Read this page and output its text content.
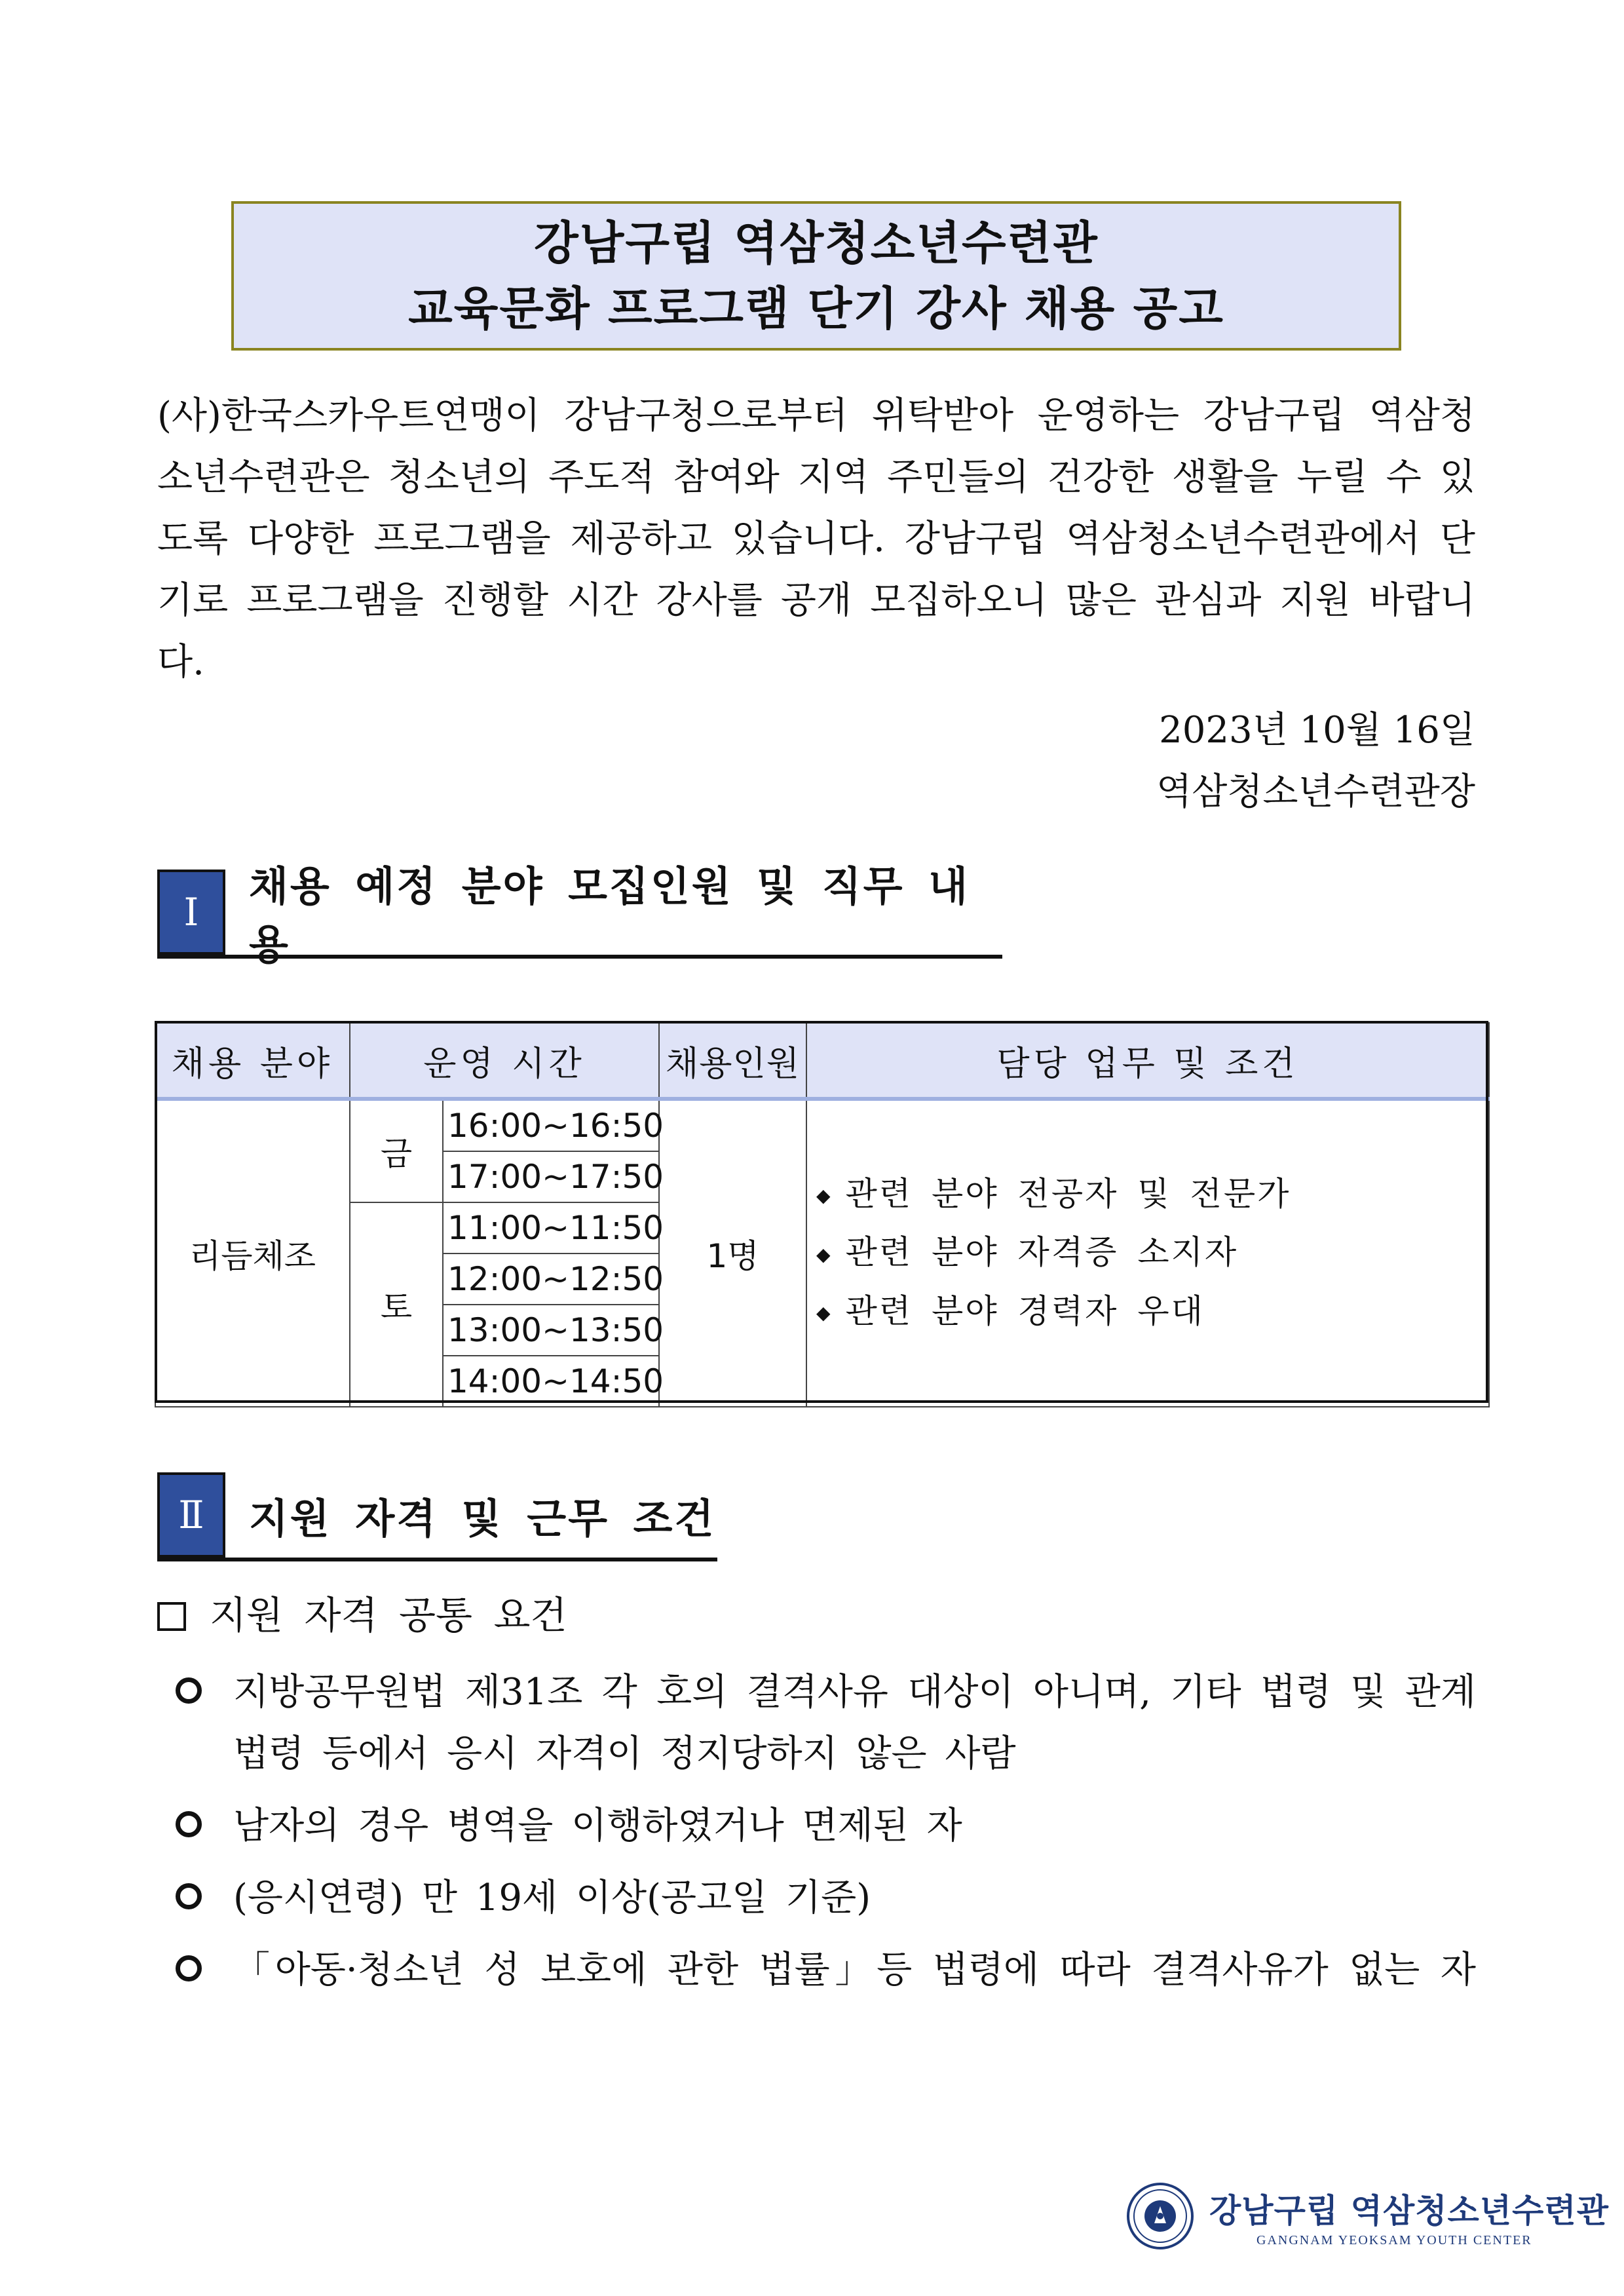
강남구립 역삼청소년수련관
교육문화 프로그램 단기 강사 채용 공고
(사)한국스카우트연맹이 강남구청으로부터 위탁받아 운영하는 강남구립 역삼청소년수련관은 청소년의 주도적 참여와 지역 주민들의 건강한 생활을 누릴 수 있도록 다양한 프로그램을 제공하고 있습니다. 강남구립 역삼청소년수련관에서 단기로 프로그램을 진행할 시간 강사를 공개 모집하오니 많은 관심과 지원 바랍니다.
2023년 10월 16일
역삼청소년수련관장
Ⅰ
채용 예정 분야 모집인원 및 직무 내용
채용 분야	운영 시간		채용인원	담당 업무 및 조건
리듬체조	금	16:00~16:50	1명	◆ 관련 분야 전공자 및 전문가
◆ 관련 분야 자격증 소지자
◆ 관련 분야 경력자 우대

		17:00~17:50		
	토	11:00~11:50		
		12:00~12:50		
		13:00~13:50		
		14:00~14:50		
Ⅱ	지원 자격 및 근무 조건
지원 자격 공통 요건
지방공무원법 제31조 각 호의 결격사유 대상이 아니며, 기타 법령 및 관계 법령 등에서 응시 자격이 정지당하지 않은 사람
남자의 경우 병역을 이행하였거나 면제된 자
(응시연령) 만 19세 이상(공고일 기준)
「아동·청소년 성 보호에 관한 법률」등 법령에 따라 결격사유가 없는 자
강남구립 역삼청소년수련관
GANGNAM YEOKSAM YOUTH CENTER
